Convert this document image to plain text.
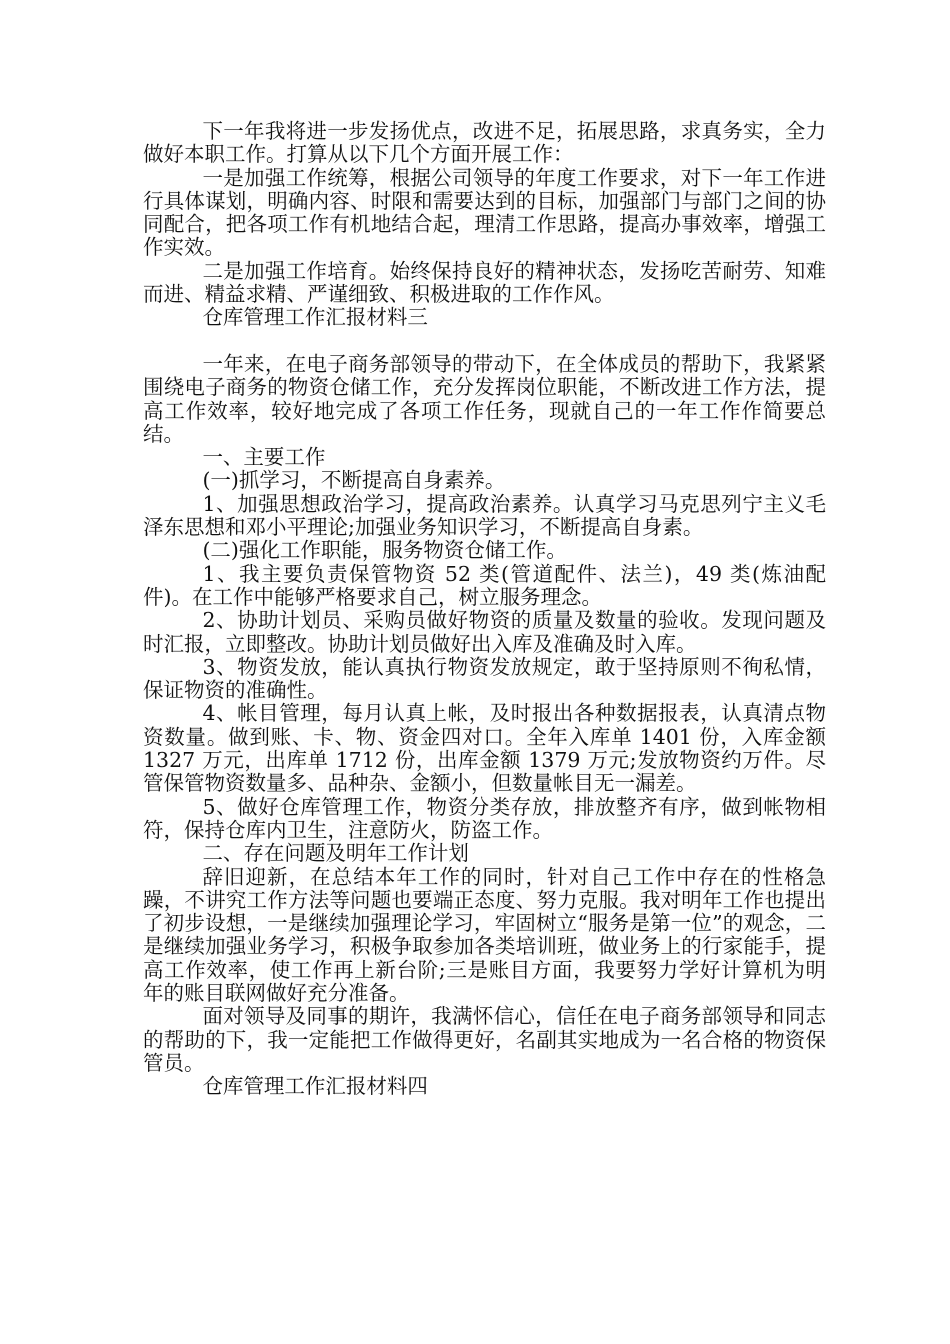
下一年我将进一步发扬优点，改进不足，拓展思路，求真务实，全力做好本职工作。打算从以下几个方面开展工作：

一是加强工作统筹，根据公司领导的年度工作要求，对下一年工作进行具体谋划，明确内容、时限和需要达到的目标，加强部门与部门之间的协同配合，把各项工作有机地结合起，理清工作思路，提高办事效率，增强工作实效。

二是加强工作培育。始终保持良好的精神状态，发扬吃苦耐劳、知难而进、精益求精、严谨细致、积极进取的工作作风。

仓库管理工作汇报材料三

一年来，在电子商务部领导的带动下，在全体成员的帮助下，我紧紧围绕电子商务的物资仓储工作，充分发挥岗位职能，不断改进工作方法，提高工作效率，较好地完成了各项工作任务，现就自己的一年工作作简要总结。

一、主要工作

(一)抓学习，不断提高自身素养。

1、加强思想政治学习，提高政治素养。认真学习马克思列宁主义毛泽东思想和邓小平理论;加强业务知识学习，不断提高自身素。

(二)强化工作职能，服务物资仓储工作。

1、我主要负责保管物资 52 类(管道配件、法兰)，49 类(炼油配件)。在工作中能够严格要求自己，树立服务理念。

2、协助计划员、采购员做好物资的质量及数量的验收。发现问题及时汇报，立即整改。协助计划员做好出入库及准确及时入库。

3、物资发放，能认真执行物资发放规定，敢于坚持原则不徇私情，保证物资的准确性。

4、帐目管理，每月认真上帐，及时报出各种数据报表，认真清点物资数量。做到账、卡、物、资金四对口。全年入库单 1401 份，入库金额 1327 万元，出库单 1712 份，出库金额 1379 万元;发放物资约万件。尽管保管物资数量多、品种杂、金额小，但数量帐目无一漏差。

5、做好仓库管理工作，物资分类存放，排放整齐有序，做到帐物相符，保持仓库内卫生，注意防火，防盗工作。

二、存在问题及明年工作计划

辞旧迎新，在总结本年工作的同时，针对自己工作中存在的性格急躁，不讲究工作方法等问题也要端正态度、努力克服。我对明年工作也提出了初步设想，一是继续加强理论学习，牢固树立“服务是第一位”的观念，二是继续加强业务学习，积极争取参加各类培训班，做业务上的行家能手，提高工作效率，使工作再上新台阶;三是账目方面，我要努力学好计算机为明年的账目联网做好充分准备。

面对领导及同事的期许，我满怀信心，信任在电子商务部领导和同志的帮助的下，我一定能把工作做得更好，名副其实地成为一名合格的物资保管员。

仓库管理工作汇报材料四
